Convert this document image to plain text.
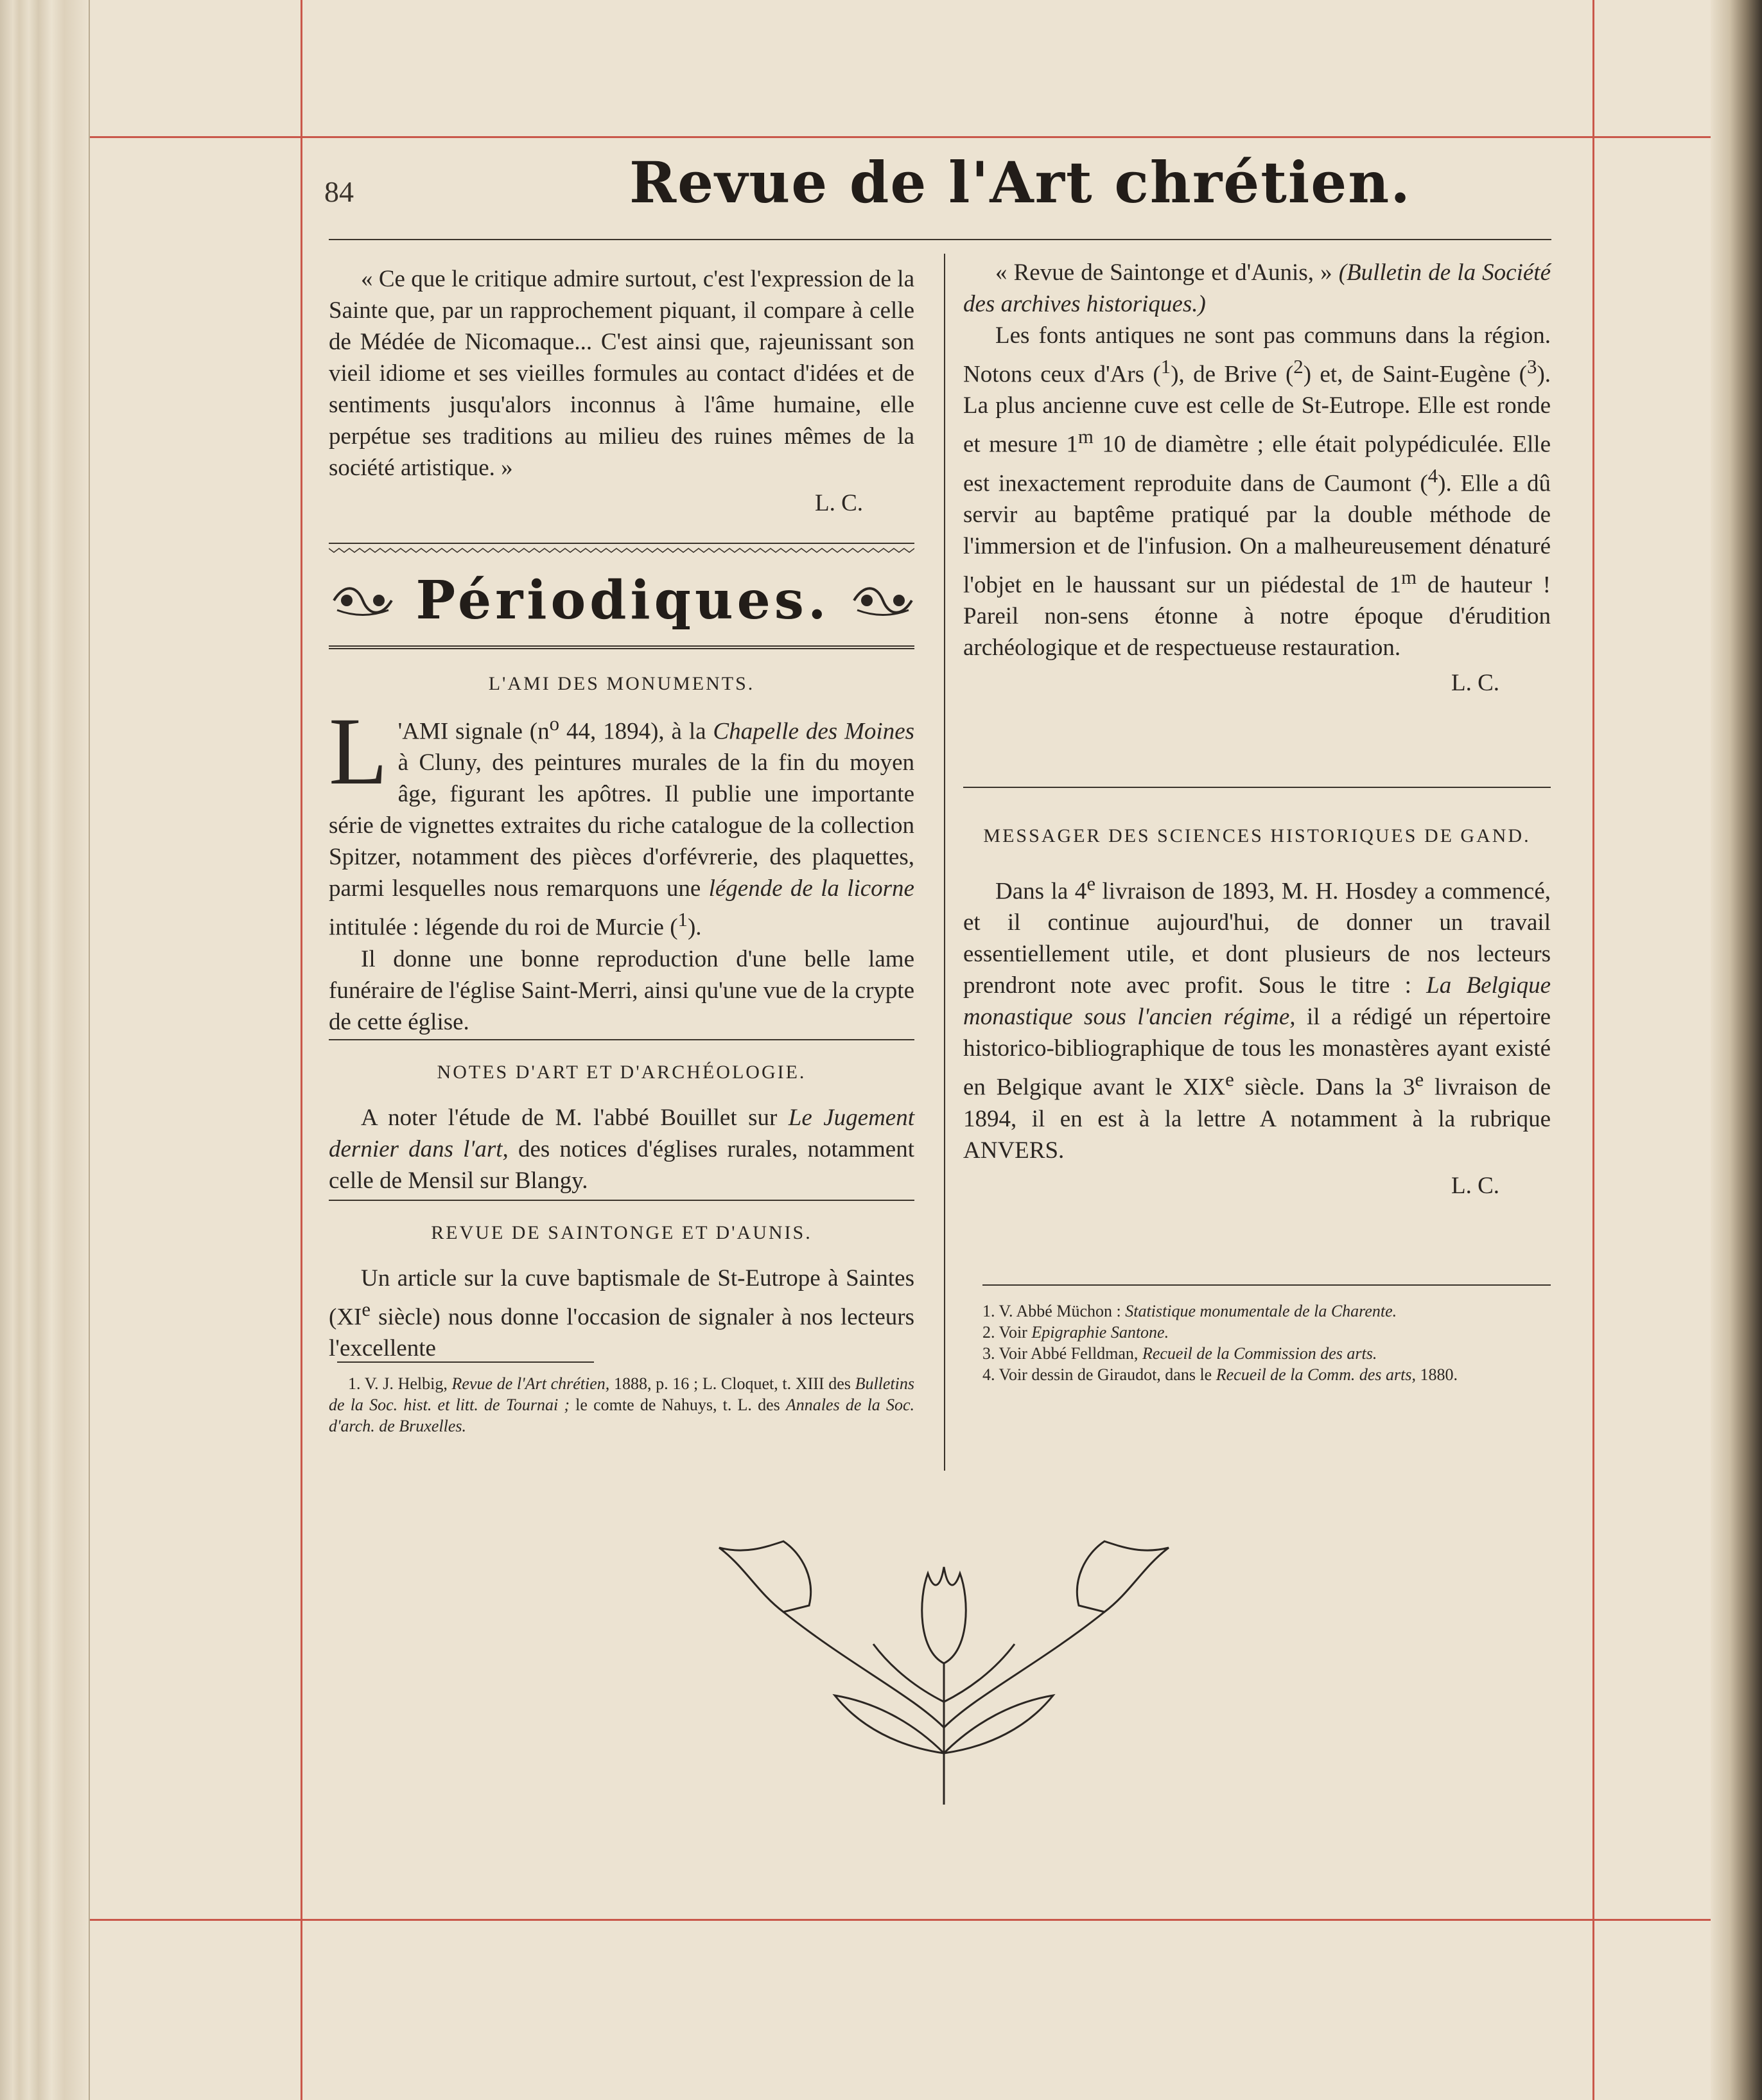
84	Revue de l'Art chrétien.

« Ce que le critique admire surtout, c'est l'expression de la Sainte que, par un rapprochement piquant, il compare à celle de Médée de Nicomaque... C'est ainsi que, rajeunissant son vieil idiome et ses vieilles formules au contact d'idées et de sentiments jusqu'alors inconnus à l'âme humaine, elle perpétue ses traditions au milieu des ruines mêmes de la société artistique. »

L. C.

Périodiques.

L'AMI DES MONUMENTS.

L 'AMI signale ($n^o$ 44, 1894), à la Chapelle des Moines à Cluny, des peintures murales de la fin du moyen âge, figurant les apôtres. Il publie une importante série de vignettes extraites du riche catalogue de la collection Spitzer, notamment des pièces d'orfévrerie, des plaquettes, parmi lesquelles nous remarquons une légende de la licorne intitulée : légende du roi de Murcie ($^1$).

Il donne une bonne reproduction d'une belle lame funéraire de l'église Saint-Merri, ainsi qu'une vue de la crypte de cette église.

NOTES D'ART ET D'ARCHÉOLOGIE.

A noter l'étude de M. l'abbé Bouillet sur Le Jugement dernier dans l'art, des notices d'églises rurales, notamment celle de Mensil sur Blangy.

REVUE DE SAINTONGE ET D'AUNIS.

Un article sur la cuve baptismale de St-Eutrope à Saintes (XIe siècle) nous donne l'occasion de signaler à nos lecteurs l'excellente

1. V. J. Helbig, Revue de l'Art chrétien, 1888, p. 16 ; L. Cloquet, t. XIII des Bulletins de la Soc. hist. et litt. de Tournai ; le comte de Nahuys, t. L. des Annales de la Soc. d'arch. de Bruxelles.

« Revue de Saintonge et d'Aunis, » (Bulletin de la Société des archives historiques.)

Les fonts antiques ne sont pas communs dans la région. Notons ceux d'Ars ($^1$), de Brive ($^2$) et, de Saint-Eugène ($^3$). La plus ancienne cuve est celle de St-Eutrope. Elle est ronde et mesure 1$^m$ 10 de diamètre ; elle était polypédiculée. Elle est inexactement reproduite dans de Caumont ($^4$). Elle a dû servir au baptême pratiqué par la double méthode de l'immersion et de l'infusion. On a malheureusement dénaturé l'objet en le haussant sur un piédestal de 1$^m$ de hauteur ! Pareil non-sens étonne à notre époque d'érudition archéologique et de respectueuse restauration.

L. C.

MESSAGER DES SCIENCES HISTORIQUES DE GAND.

Dans la 4e livraison de 1893, M. H. Hosdey a commencé, et il continue aujourd'hui, de donner un travail essentiellement utile, et dont plusieurs de nos lecteurs prendront note avec profit. Sous le titre : La Belgique monastique sous l'ancien régime, il a rédigé un répertoire historico-bibliographique de tous les monastères ayant existé en Belgique avant le XIXe siècle. Dans la 3e livraison de 1894, il en est à la lettre A notamment à la rubrique ANVERS.

L. C.

1. V. Abbé Müchon : Statistique monumentale de la Charente.

2. Voir Epigraphie Santone.

3. Voir Abbé Felldman, Recueil de la Commission des arts.

4. Voir dessin de Giraudot, dans le Recueil de la Comm. des arts, 1880.
